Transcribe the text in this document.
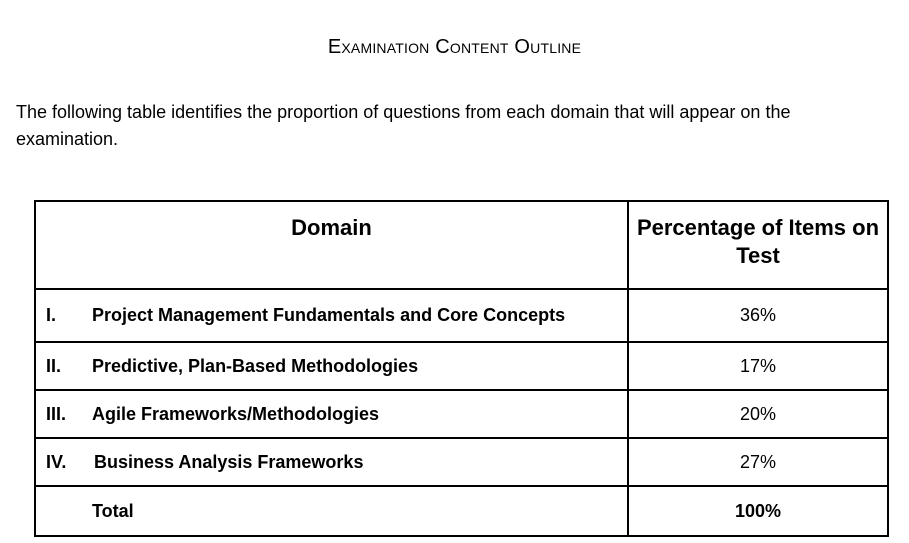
Examination Content Outline

The following table identifies the proportion of questions from each domain that will appear on the examination.

Domain	Percentage of Items on Test
I. Project Management Fundamentals and Core Concepts	36%
II. Predictive, Plan-Based Methodologies	17%
III. Agile Frameworks/Methodologies	20%
IV. Business Analysis Frameworks	27%
Total	100%
